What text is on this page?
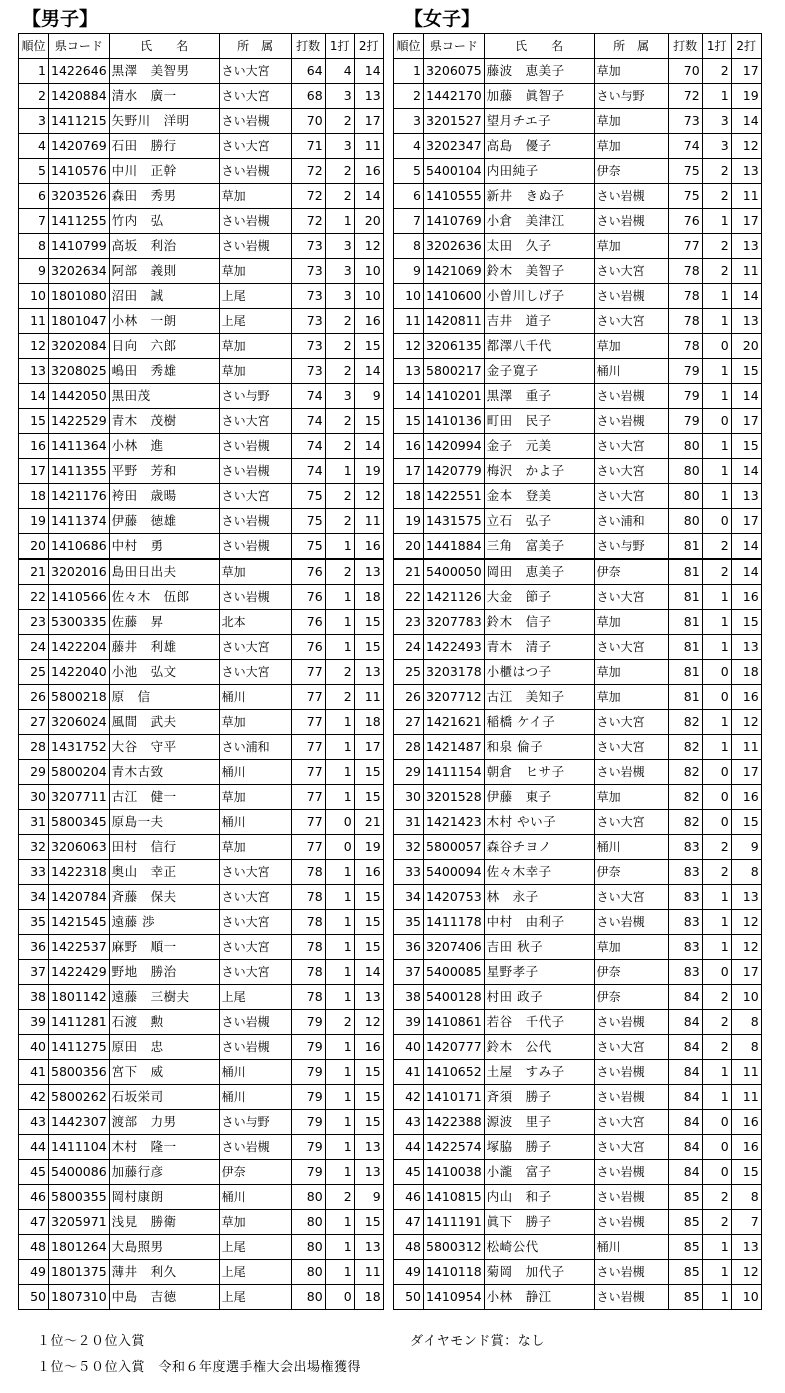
【男子】	【女子】
順位	県コード	氏　　名	所　属	打数	1打	2打
1	1422646	黒澤　美智男	さい大宮	64	4	14
2	1420884	清水　廣一	さい大宮	68	3	13
3	1411215	矢野川　洋明	さい岩槻	70	2	17
4	1420769	石田　勝行	さい大宮	71	3	11
5	1410576	中川　正幹	さい岩槻	72	2	16
6	3203526	森田　秀男	草加	72	2	14
7	1411255	竹内　弘	さい岩槻	72	1	20
8	1410799	高坂　利治	さい岩槻	73	3	12
9	3202634	阿部　義則	草加	73	3	10
10	1801080	沼田　誠	上尾	73	3	10
11	1801047	小林　一朗	上尾	73	2	16
12	3202084	日向　六郎	草加	73	2	15
13	3208025	嶋田　秀雄	草加	73	2	14
14	1442050	黒田茂	さい与野	74	3	9
15	1422529	青木　茂樹	さい大宮	74	2	15
16	1411364	小林　進	さい岩槻	74	2	14
17	1411355	平野　芳和	さい岩槻	74	1	19
18	1421176	袴田　歳暘	さい大宮	75	2	12
19	1411374	伊藤　徳雄	さい岩槻	75	2	11
20	1410686	中村　勇	さい岩槻	75	1	16
21	3202016	島田日出夫	草加	76	2	13
22	1410566	佐々木　伍郎	さい岩槻	76	1	18
23	5300335	佐藤　昇	北本	76	1	15
24	1422204	藤井　利雄	さい大宮	76	1	15
25	1422040	小池　弘文	さい大宮	77	2	13
26	5800218	原　信	桶川	77	2	11
27	3206024	風間　武夫	草加	77	1	18
28	1431752	大谷　守平	さい浦和	77	1	17
29	5800204	青木古致	桶川	77	1	15
30	3207711	古江　健一	草加	77	1	15
31	5800345	原島一夫	桶川	77	0	21
32	3206063	田村　信行	草加	77	0	19
33	1422318	奥山　幸正	さい大宮	78	1	16
34	1420784	斉藤　保夫	さい大宮	78	1	15
35	1421545	遠藤 渉	さい大宮	78	1	15
36	1422537	麻野　順一	さい大宮	78	1	15
37	1422429	野地　勝治	さい大宮	78	1	14
38	1801142	遠藤　三樹夫	上尾	78	1	13
39	1411281	石渡　勲	さい岩槻	79	2	12
40	1411275	原田　忠	さい岩槻	79	1	16
41	5800356	宮下　威	桶川	79	1	15
42	5800262	石坂栄司	桶川	79	1	15
43	1442307	渡部　力男	さい与野	79	1	15
44	1411104	木村　隆一	さい岩槻	79	1	13
45	5400086	加藤行彦	伊奈	79	1	13
46	5800355	岡村康朗	桶川	80	2	9
47	3205971	浅見　勝衛	草加	80	1	15
48	1801264	大島照男	上尾	80	1	13
49	1801375	薄井　利久	上尾	80	1	11
50	1807310	中島　吉徳	上尾	80	0	18
順位	県コード	氏　　名	所　属	打数	1打	2打
1	3206075	藤波　恵美子	草加	70	2	17
2	1442170	加藤　眞智子	さい与野	72	1	19
3	3201527	望月チエ子	草加	73	3	14
4	3202347	高島　優子	草加	74	3	12
5	5400104	内田純子	伊奈	75	2	13
6	1410555	新井　きぬ子	さい岩槻	75	2	11
7	1410769	小倉　美津江	さい岩槻	76	1	17
8	3202636	太田　久子	草加	77	2	13
9	1421069	鈴木　美智子	さい大宮	78	2	11
10	1410600	小曽川しげ子	さい岩槻	78	1	14
11	1420811	吉井　道子	さい大宮	78	1	13
12	3206135	都澤八千代	草加	78	0	20
13	5800217	金子寛子	桶川	79	1	15
14	1410201	黒澤　重子	さい岩槻	79	1	14
15	1410136	町田　民子	さい岩槻	79	0	17
16	1420994	金子　元美	さい大宮	80	1	15
17	1420779	梅沢　かよ子	さい大宮	80	1	14
18	1422551	金本　登美	さい大宮	80	1	13
19	1431575	立石　弘子	さい浦和	80	0	17
20	1441884	三角　富美子	さい与野	81	2	14
21	5400050	岡田　恵美子	伊奈	81	2	14
22	1421126	大金　節子	さい大宮	81	1	16
23	3207783	鈴木　信子	草加	81	1	15
24	1422493	青木　清子	さい大宮	81	1	13
25	3203178	小櫃はつ子	草加	81	0	18
26	3207712	古江　美知子	草加	81	0	16
27	1421621	稲橋 ケイ子	さい大宮	82	1	12
28	1421487	和泉 倫子	さい大宮	82	1	11
29	1411154	朝倉　ヒサ子	さい岩槻	82	0	17
30	3201528	伊藤　東子	草加	82	0	16
31	1421423	木村 やい子	さい大宮	82	0	15
32	5800057	森谷チヨノ	桶川	83	2	9
33	5400094	佐々木幸子	伊奈	83	2	8
34	1420753	林　永子	さい大宮	83	1	13
35	1411178	中村　由利子	さい岩槻	83	1	12
36	3207406	吉田 秋子	草加	83	1	12
37	5400085	星野孝子	伊奈	83	0	17
38	5400128	村田 政子	伊奈	84	2	10
39	1410861	若谷　千代子	さい岩槻	84	2	8
40	1420777	鈴木　公代	さい大宮	84	2	8
41	1410652	土屋　すみ子	さい岩槻	84	1	11
42	1410171	斉須　勝子	さい岩槻	84	1	11
43	1422388	源波　里子	さい大宮	84	0	16
44	1422574	塚脇　勝子	さい大宮	84	0	16
45	1410038	小瀧　富子	さい岩槻	84	0	15
46	1410815	内山　和子	さい岩槻	85	2	8
47	1411191	眞下　勝子	さい岩槻	85	2	7
48	5800312	松崎公代	桶川	85	1	13
49	1410118	菊岡　加代子	さい岩槻	85	1	12
50	1410954	小林　静江	さい岩槻	85	1	10
１位～２０位入賞
１位～５０位入賞　令和６年度選手権大会出場権獲得
ダイヤモンド賞：なし
